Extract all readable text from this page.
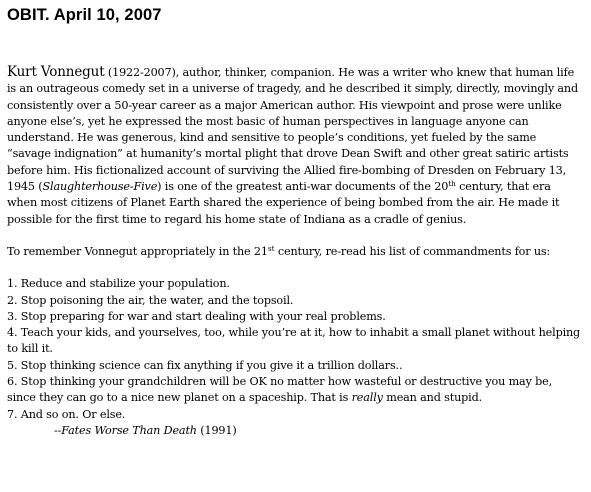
OBIT. April 10, 2007

Kurt Vonnegut (1922-2007), author, thinker, companion. He was a writer who knew that human life is an outrageous comedy set in a universe of tragedy, and he described it simply, directly, movingly and consistently over a 50-year career as a major American author. His viewpoint and prose were unlike anyone else’s, yet he expressed the most basic of human perspectives in language anyone can understand. He was generous, kind and sensitive to people’s conditions, yet fueled by the same “savage indignation” at humanity’s mortal plight that drove Dean Swift and other great satiric artists before him. His fictionalized account of surviving the Allied fire-bombing of Dresden on February 13, 1945 (Slaughterhouse-Five) is one of the greatest anti-war documents of the 20th century, that era when most citizens of Planet Earth shared the experience of being bombed from the air. He made it possible for the first time to regard his home state of Indiana as a cradle of genius.

To remember Vonnegut appropriately in the 21st century, re-read his list of commandments for us:

1. Reduce and stabilize your population.
2. Stop poisoning the air, the water, and the topsoil.
3. Stop preparing for war and start dealing with your real problems.
4. Teach your kids, and yourselves, too, while you’re at it, how to inhabit a small planet without helping to kill it.
5. Stop thinking science can fix anything if you give it a trillion dollars..
6. Stop thinking your grandchildren will be OK no matter how wasteful or destructive you may be, since they can go to a nice new planet on a spaceship. That is really mean and stupid.
7. And so on. Or else.
--Fates Worse Than Death (1991)
